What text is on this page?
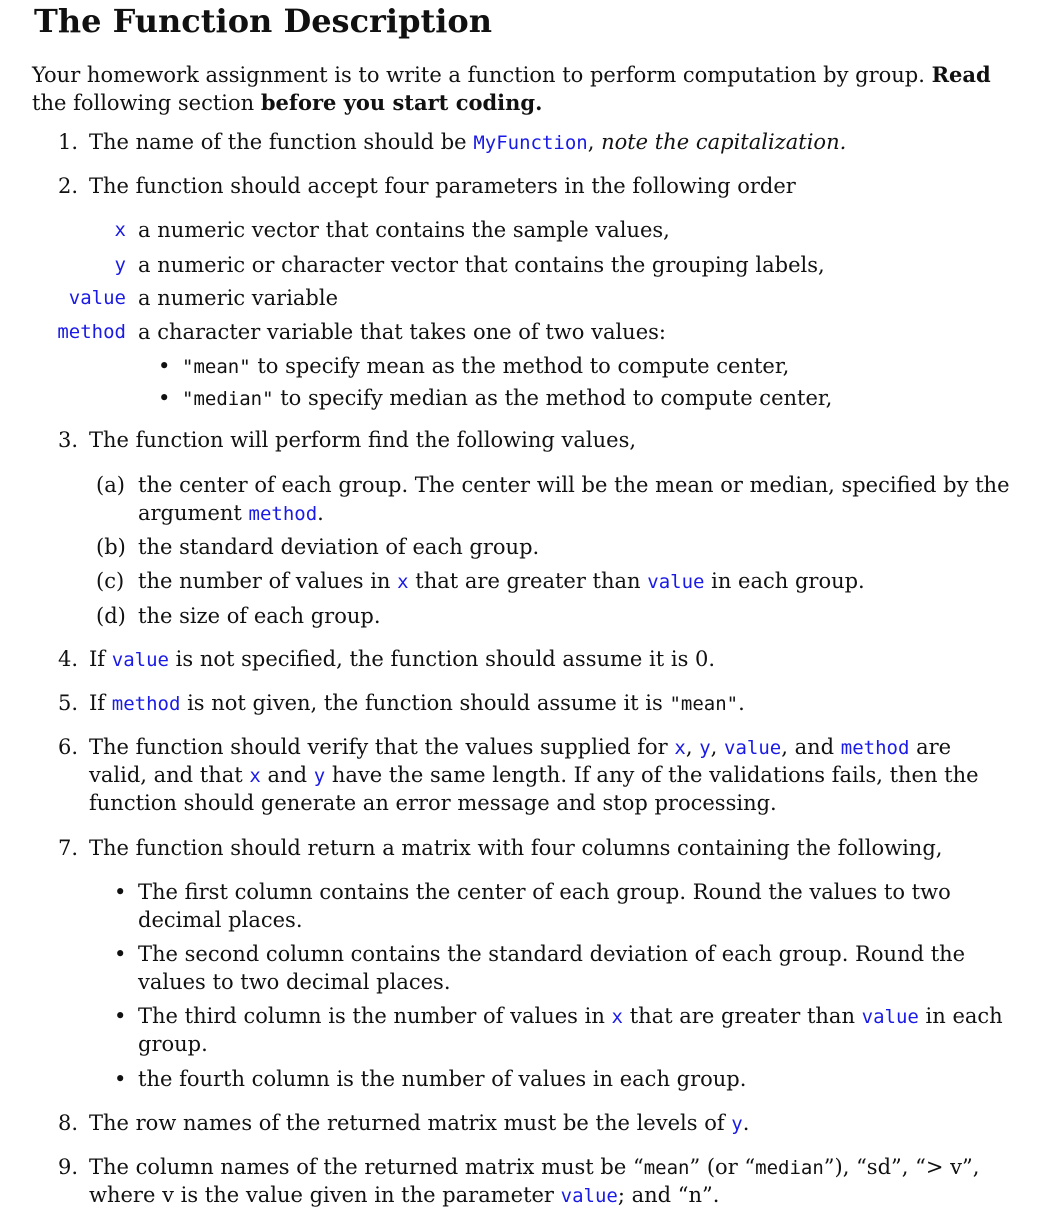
The Function Description
Your homework assignment is to write a function to perform computation by group. Read
the following section before you start coding.
1. The name of the function should be MyFunction, note the capitalization.
2. The function should accept four parameters in the following order
x a numeric vector that contains the sample values,
y a numeric or character vector that contains the grouping labels,
value a numeric variable
method a character variable that takes one of two values:
• "mean" to specify mean as the method to compute center,
• "median" to specify median as the method to compute center,
3. The function will perform find the following values,
(a) the center of each group. The center will be the mean or median, specified by the
argument method.
(b) the standard deviation of each group.
(c) the number of values in x that are greater than value in each group.
(d) the size of each group.
4. If value is not specified, the function should assume it is 0.
5. If method is not given, the function should assume it is "mean".
6. The function should verify that the values supplied for x, y, value, and method are
valid, and that x and y have the same length. If any of the validations fails, then the
function should generate an error message and stop processing.
7. The function should return a matrix with four columns containing the following,
• The first column contains the center of each group. Round the values to two
decimal places.
• The second column contains the standard deviation of each group. Round the
values to two decimal places.
• The third column is the number of values in x that are greater than value in each
group.
• the fourth column is the number of values in each group.
8. The row names of the returned matrix must be the levels of y.
9. The column names of the returned matrix must be “mean” (or “median”), “sd”, “> v”,
where v is the value given in the parameter value; and “n”.
